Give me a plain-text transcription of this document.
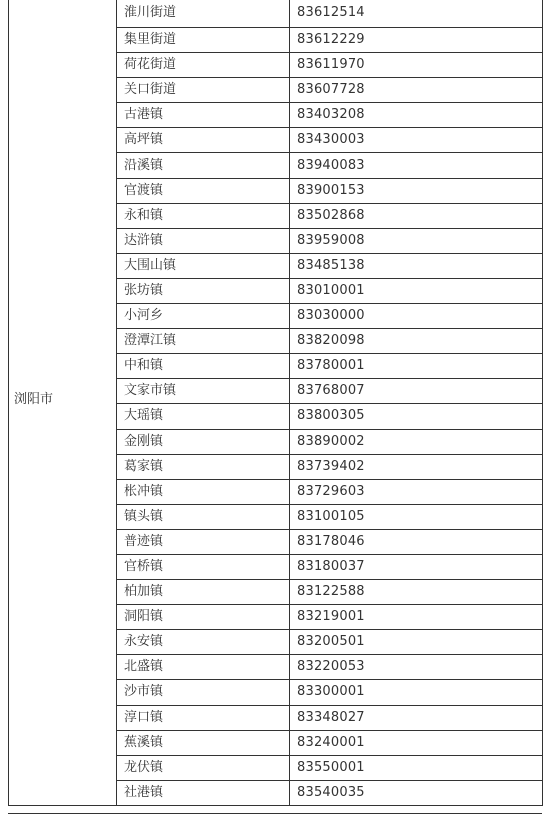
浏阳市	淮川街道	83612514
	集里街道	83612229
	荷花街道	83611970
	关口街道	83607728
	古港镇	83403208
	高坪镇	83430003
	沿溪镇	83940083
	官渡镇	83900153
	永和镇	83502868
	达浒镇	83959008
	大围山镇	83485138
	张坊镇	83010001
	小河乡	83030000
	澄潭江镇	83820098
	中和镇	83780001
	文家市镇	83768007
	大瑶镇	83800305
	金刚镇	83890002
	葛家镇	83739402
	枨冲镇	83729603
	镇头镇	83100105
	普迹镇	83178046
	官桥镇	83180037
	柏加镇	83122588
	洞阳镇	83219001
	永安镇	83200501
	北盛镇	83220053
	沙市镇	83300001
	淳口镇	83348027
	蕉溪镇	83240001
	龙伏镇	83550001
	社港镇	83540035
